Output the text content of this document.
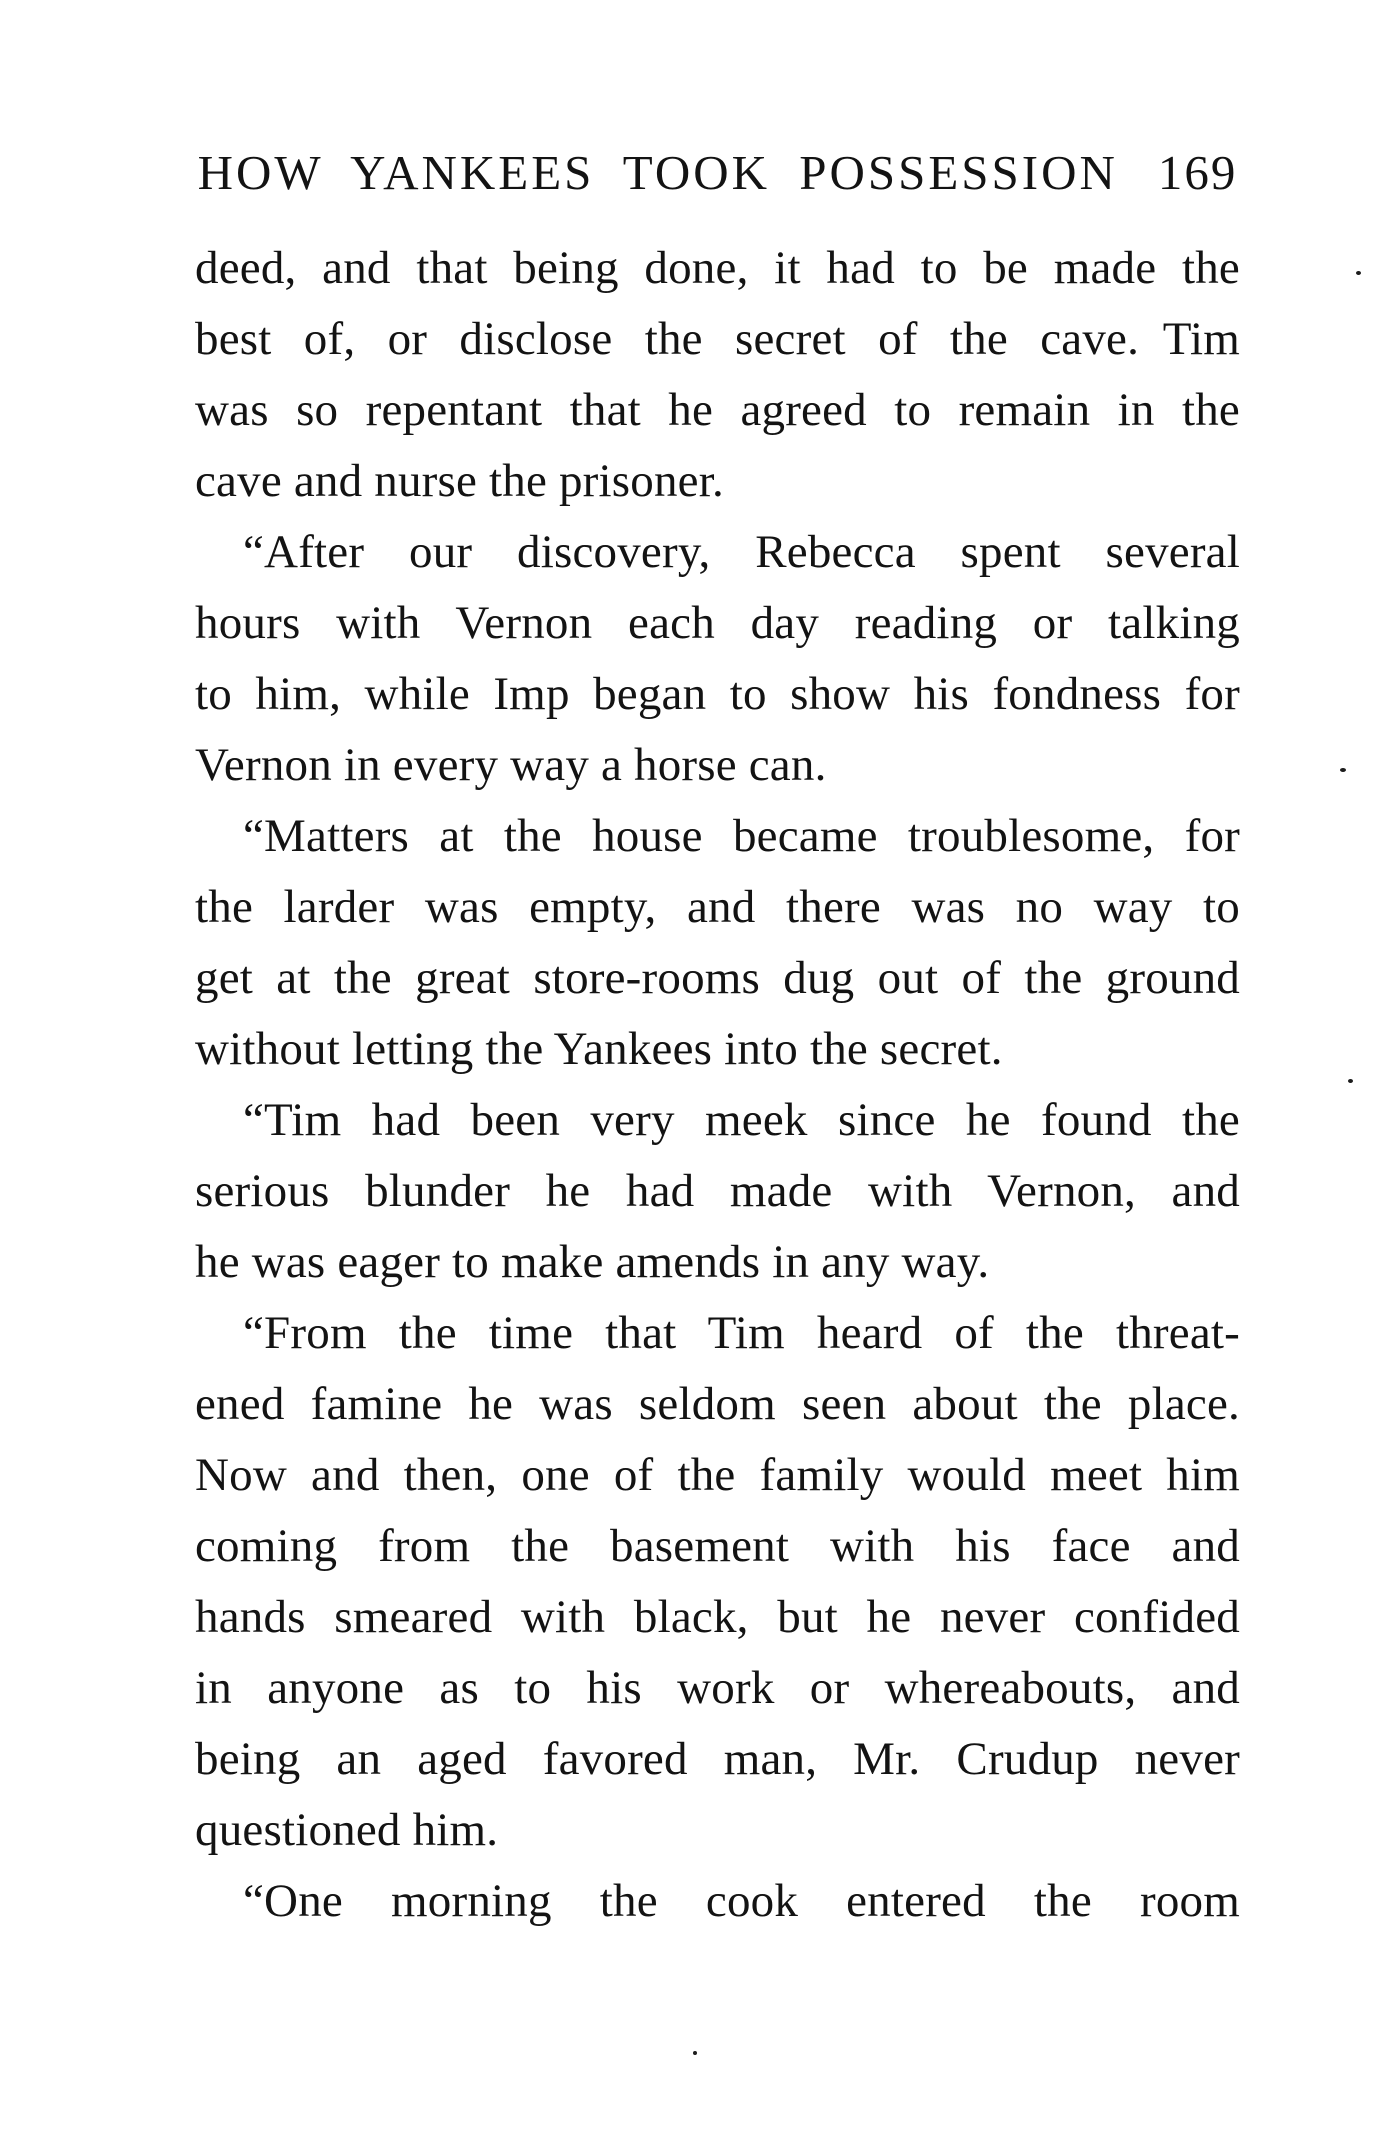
HOW YANKEES TOOK POSSESSION 169
deed, and that being done, it had to be made the
best of, or disclose the secret of the cave. Tim
was so repentant that he agreed to remain in the
cave and nurse the prisoner.
“After our discovery, Rebecca spent several
hours with Vernon each day reading or talking
to him, while Imp began to show his fondness for
Vernon in every way a horse can.
“Matters at the house became troublesome, for
the larder was empty, and there was no way to
get at the great store-rooms dug out of the ground
without letting the Yankees into the secret.
“Tim had been very meek since he found the
serious blunder he had made with Vernon, and
he was eager to make amends in any way.
“From the time that Tim heard of the threat-
ened famine he was seldom seen about the place.
Now and then, one of the family would meet him
coming from the basement with his face and
hands smeared with black, but he never confided
in anyone as to his work or whereabouts, and
being an aged favored man, Mr. Crudup never
questioned him.
“One morning the cook entered the room
